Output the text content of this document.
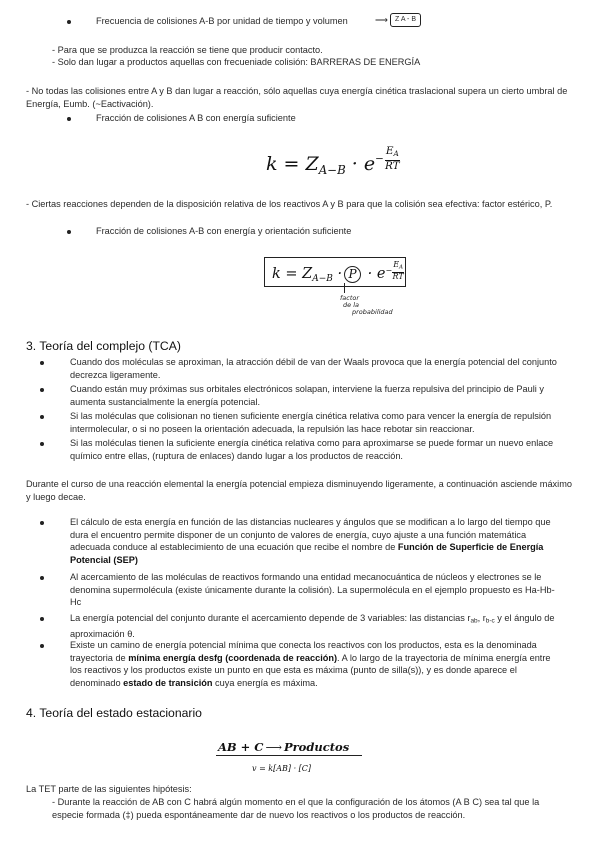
Frecuencia de colisiones A-B por unidad de tiempo y volumen	⟶	Z A - B
- Para que se produzca la reacción se tiene que producir contacto.
- Solo dan lugar a productos aquellas con frecueniade colisión: BARRERAS DE ENERGÍA
- No todas las colisiones entre A y B dan lugar a reacción, sólo aquellas cuya energía cinética traslacional supera un cierto umbral de Energía, Eumb. (~Eactivación).
Fracción de colisiones A B con energía suficiente
$k = Z_{A-B} \cdot e- \frac{E_A}{RT}$
- Ciertas reacciones dependen de la disposición relativa de los reactivos A y B para que la colisión sea efectiva: factor estérico, P.
Fracción de colisiones A-B con energía y orientación suficiente
$k = Z_{A-B} \cdot P \cdot e- \frac{E_A}{RT}$
factor
de la
probabilidad
3. Teoría del complejo (TCA)
Cuando dos moléculas se aproximan, la atracción débil de van der Waals provoca que la energía potencial del conjunto decrezca ligeramente.
Cuando están muy próximas sus orbitales electrónicos solapan, interviene la fuerza repulsiva del principio de Pauli y aumenta sustancialmente la energía potencial.
Si las moléculas que colisionan no tienen suficiente energía cinética relativa como para vencer la energía de repulsión intermolecular, o si no poseen la orientación adecuada, la repulsión las hace rebotar sin reaccionar.
Si las moléculas tienen la suficiente energía cinética relativa como para aproximarse se puede formar un nuevo enlace químico entre ellas, (ruptura de enlaces) dando lugar a los productos de reacción.
Durante el curso de una reacción elemental la energía potencial empieza disminuyendo ligeramente, a continuación asciende máximo y luego decae.
El cálculo de esta energía en función de las distancias nucleares y ángulos que se modifican a lo largo del tiempo que dura el encuentro permite disponer de un conjunto de valores de energía, cuyo ajuste a una función matemática adecuada conduce al establecimiento de una ecuación que recibe el nombre de Función de Superficie de Energía Potencial (SEP)
Al acercamiento de las moléculas de reactivos formando una entidad mecanocuántica de núcleos y electrones se le denomina supermolécula (existe únicamente durante la colisión). La supermolécula en el ejemplo propuesto es Ha-Hb-Hc
La energía potencial del conjunto durante el acercamiento depende de 3 variables: las distancias rab, rb-c y el ángulo de aproximación θ.
Existe un camino de energía potencial mínima que conecta los reactivos con los productos, esta es la denominada trayectoria de mínima energía desfg (coordenada de reacción). A lo largo de la trayectoria de mínima energía entre los reactivos y los productos existe un punto en que esta es máxima (punto de silla(s)), y es donde aparece el denominado estado de transición cuya energía es máxima.
4. Teoría del estado estacionario
AB + C ⟶ Productos
v = k[AB] · [C]
La TET parte de las siguientes hipótesis:
- Durante la reacción de AB con C habrá algún momento en el que la configuración de los átomos (A B C) sea tal que la especie formada (‡) pueda espontáneamente dar de nuevo los reactivos o los productos de reacción.
